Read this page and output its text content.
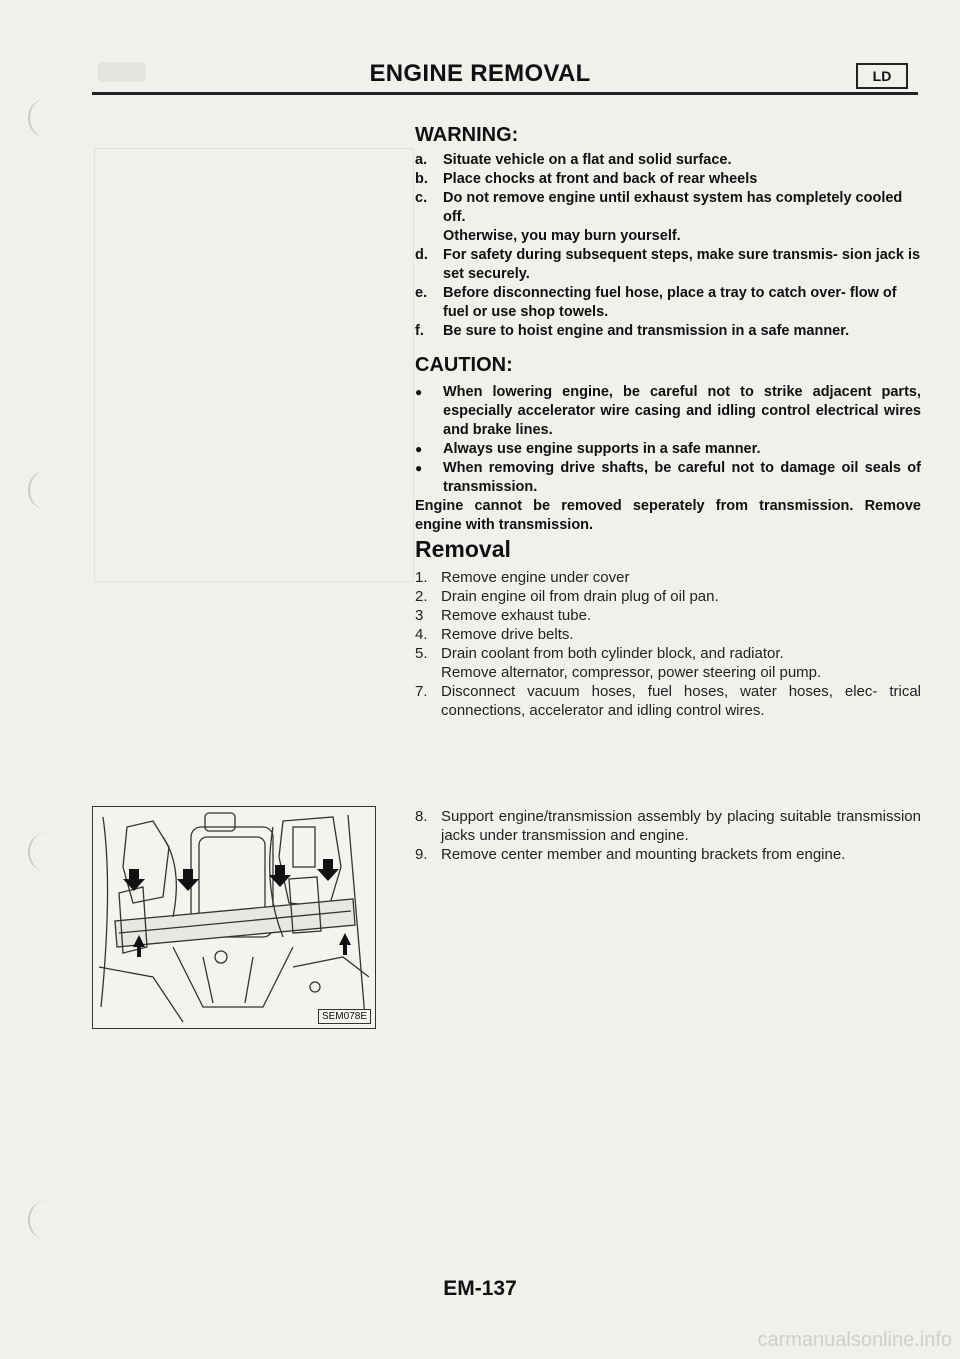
ENGINE REMOVAL	LD
WARNING:
a.	Situate vehicle on a flat and solid surface.
b.	Place chocks at front and back of rear wheels
c.	Do not remove engine until exhaust system has completely cooled off.
Otherwise, you may burn yourself.
d.	For safety during subsequent steps, make sure transmis- sion jack is set securely.
e.	Before disconnecting fuel hose, place a tray to catch over- flow of fuel or use shop towels.
f.	Be sure to hoist engine and transmission in a safe manner.
CAUTION:
●	When lowering engine, be careful not to strike adjacent parts, especially accelerator wire casing and idling control electrical wires and brake lines.
●	Always use engine supports in a safe manner.
●	When removing drive shafts, be careful not to damage oil seals of transmission.
Engine cannot be removed seperately from transmission. Remove engine with transmission.
Removal
1. Remove engine under cover
2. Drain engine oil from drain plug of oil pan.
3	Remove exhaust tube.
4. Remove drive belts.
5. Drain coolant from both cylinder block, and radiator.
Remove alternator, compressor, power steering oil pump.
7. Disconnect vacuum hoses, fuel hoses, water hoses, elec- trical connections, accelerator and idling control wires.
8. Support engine/transmission assembly by placing suitable transmission jacks under transmission and engine.
9. Remove center member and mounting brackets from engine.
SEM078E
EM-137
carmanualsonline.info
